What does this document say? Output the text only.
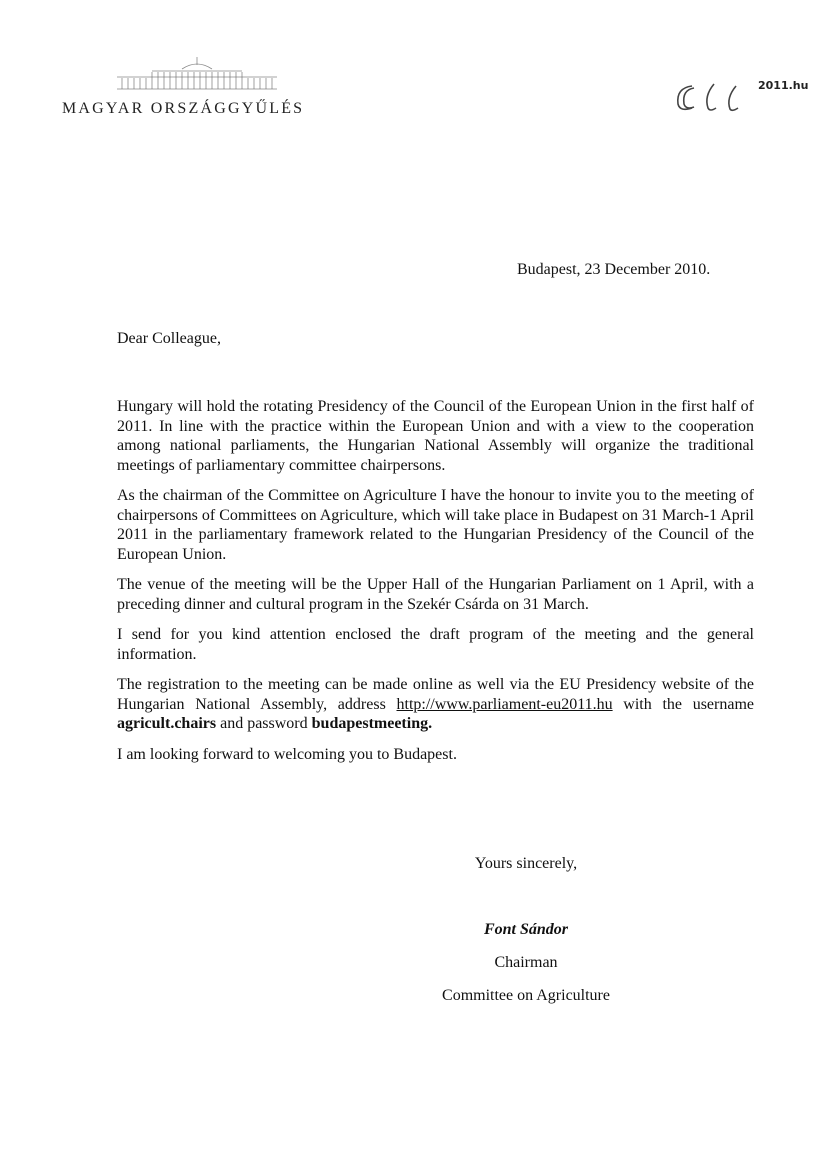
MAGYAR ORSZÁGGYŰLÉS
2011.hu
Budapest, 23 December 2010.
Dear Colleague,

Hungary will hold the rotating Presidency of the Council of the European Union in the first half of 2011. In line with the practice within the European Union and with a view to the cooperation among national parliaments, the Hungarian National Assembly will organize the traditional meetings of parliamentary committee chairpersons.

As the chairman of the Committee on Agriculture I have the honour to invite you to the meeting of chairpersons of Committees on Agriculture, which will take place in Budapest on 31 March-1 April 2011 in the parliamentary framework related to the Hungarian Presidency of the Council of the European Union.

The venue of the meeting will be the Upper Hall of the Hungarian Parliament on 1 April, with a preceding dinner and cultural program in the Szekér Csárda on 31 March.

I send for you kind attention enclosed the draft program of the meeting and the general information.

The registration to the meeting can be made online as well via the EU Presidency website of the Hungarian National Assembly, address http://www.parliament-eu2011.hu with the username agricult.chairs and password budapestmeeting.

I am looking forward to welcoming you to Budapest.

Yours sincerely,
Font Sándor
Chairman
Committee on Agriculture
